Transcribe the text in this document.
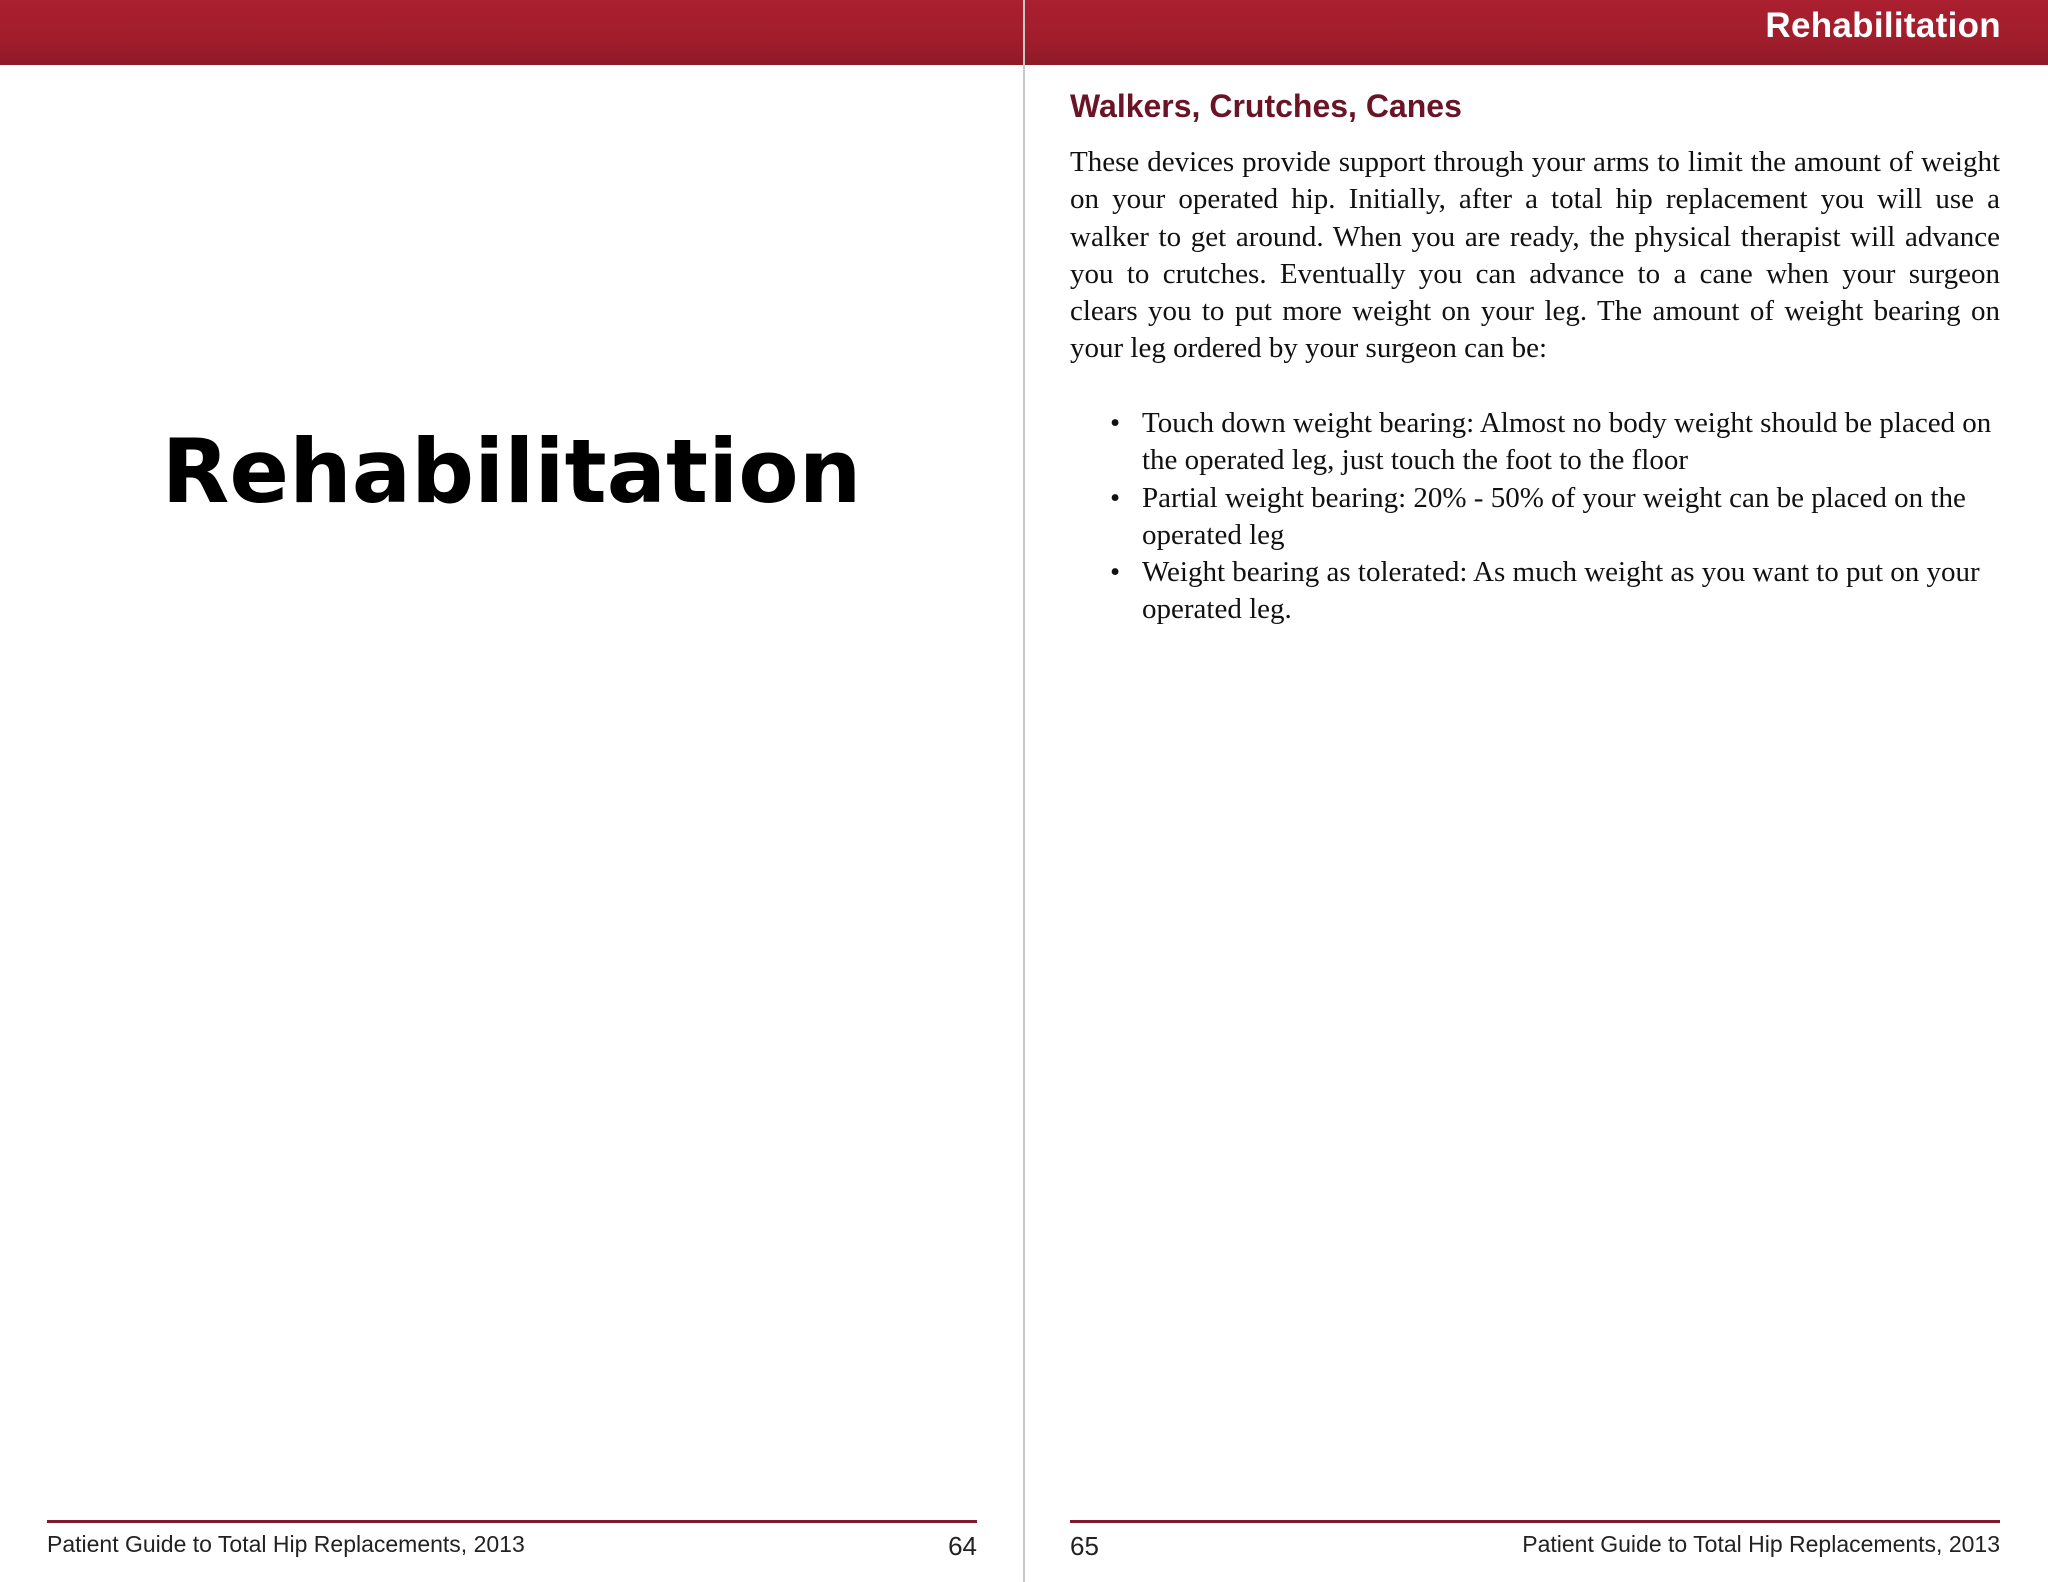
Rehabilitation
Patient Guide to Total Hip Replacements, 2013	64
Rehabilitation
Walkers, Crutches, Canes

These devices provide support through your arms to limit the amount of weight on your operated hip. Initially, after a total hip replacement you will use a walker to get around. When you are ready, the physical therapist will advance you to crutches. Eventually you can advance to a cane when your surgeon clears you to put more weight on your leg. The amount of weight bearing on your leg ordered by your surgeon can be:

• Touch down weight bearing: Almost no body weight should be placed on the operated leg, just touch the foot to the floor
• Partial weight bearing: 20% - 50% of your weight can be placed on the operated leg
• Weight bearing as tolerated: As much weight as you want to put on your operated leg.
65	Patient Guide to Total Hip Replacements, 2013
